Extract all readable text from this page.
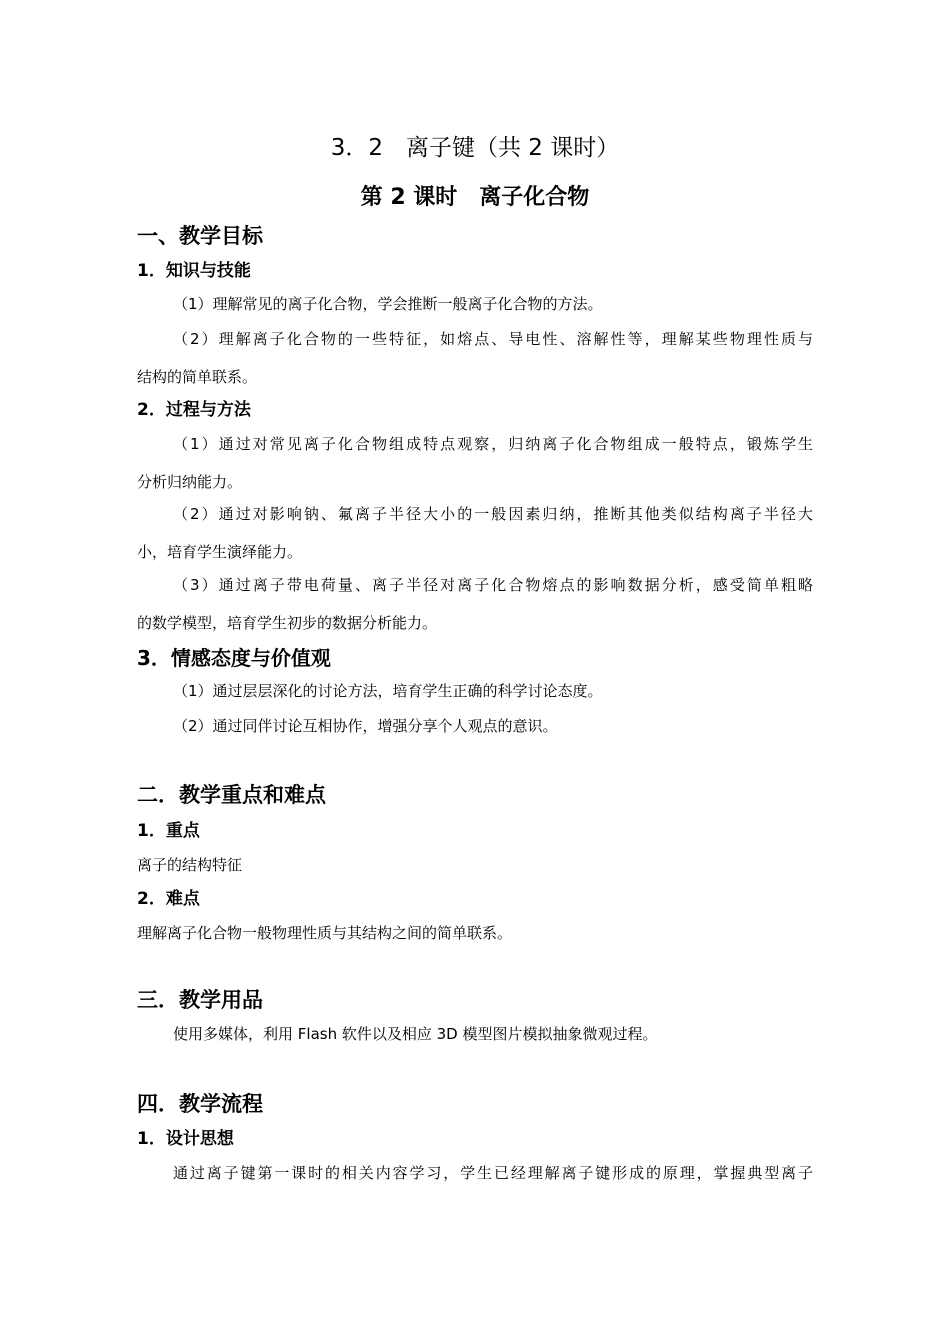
3．2　离子键（共 2 课时）
第 2 课时　离子化合物
一、教学目标
1．知识与技能
（1）理解常见的离子化合物，学会推断一般离子化合物的方法。
（2）理解离子化合物的一些特征，如熔点、导电性、溶解性等，理解某些物理性质与
结构的简单联系。
2．过程与方法
（1）通过对常见离子化合物组成特点观察，归纳离子化合物组成一般特点，锻炼学生
分析归纳能力。
（2）通过对影响钠、氟离子半径大小的一般因素归纳，推断其他类似结构离子半径大
小，培育学生演绎能力。
（3）通过离子带电荷量、离子半径对离子化合物熔点的影响数据分析，感受简单粗略
的数学模型，培育学生初步的数据分析能力。
3．情感态度与价值观
（1）通过层层深化的讨论方法，培育学生正确的科学讨论态度。
（2）通过同伴讨论互相协作，增强分享个人观点的意识。
二．教学重点和难点
1．重点
离子的结构特征
2．难点
理解离子化合物一般物理性质与其结构之间的简单联系。
三．教学用品
使用多媒体，利用 Flash 软件以及相应 3D 模型图片模拟抽象微观过程。
四．教学流程
1．设计思想
通过离子键第一课时的相关内容学习，学生已经理解离子键形成的原理，掌握典型离子
